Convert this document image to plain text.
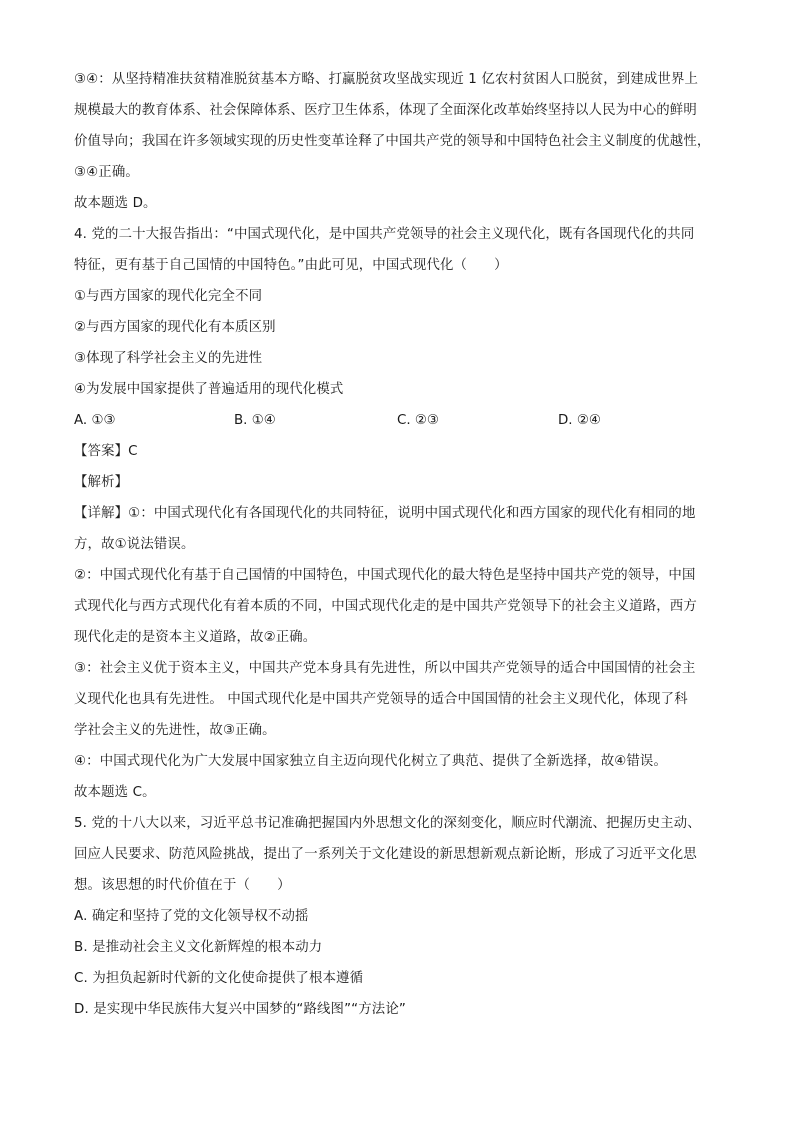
③④：从坚持精准扶贫精准脱贫基本方略、打赢脱贫攻坚战实现近 1 亿农村贫困人口脱贫，到建成世界上
规模最大的教育体系、社会保障体系、医疗卫生体系，体现了全面深化改革始终坚持以人民为中心的鲜明
价值导向；我国在许多领域实现的历史性变革诠释了中国共产党的领导和中国特色社会主义制度的优越性，
③④正确。
故本题选 D。
4. 党的二十大报告指出：“中国式现代化，是中国共产党领导的社会主义现代化，既有各国现代化的共同
特征，更有基于自己国情的中国特色。”由此可见，中国式现代化（　　）
①与西方国家的现代化完全不同
②与西方国家的现代化有本质区别
③体现了科学社会主义的先进性
④为发展中国家提供了普遍适用的现代化模式
A. ①③	B. ①④	C. ②③	D. ②④
【答案】C
【解析】
【详解】①：中国式现代化有各国现代化的共同特征，说明中国式现代化和西方国家的现代化有相同的地
方，故①说法错误。
②：中国式现代化有基于自己国情的中国特色，中国式现代化的最大特色是坚持中国共产党的领导，中国
式现代化与西方式现代化有着本质的不同，中国式现代化走的是中国共产党领导下的社会主义道路，西方
现代化走的是资本主义道路，故②正确。
③：社会主义优于资本主义，中国共产党本身具有先进性，所以中国共产党领导的适合中国国情的社会主
义现代化也具有先进性。 中国式现代化是中国共产党领导的适合中国国情的社会主义现代化，体现了科
学社会主义的先进性，故③正确。
④：中国式现代化为广大发展中国家独立自主迈向现代化树立了典范、提供了全新选择，故④错误。
故本题选 C。
5. 党的十八大以来，习近平总书记准确把握国内外思想文化的深刻变化，顺应时代潮流、把握历史主动、
回应人民要求、防范风险挑战，提出了一系列关于文化建设的新思想新观点新论断，形成了习近平文化思
想。该思想的时代价值在于（　　）
A. 确定和坚持了党的文化领导权不动摇
B. 是推动社会主义文化新辉煌的根本动力
C. 为担负起新时代新的文化使命提供了根本遵循
D. 是实现中华民族伟大复兴中国梦的“路线图”“方法论”
